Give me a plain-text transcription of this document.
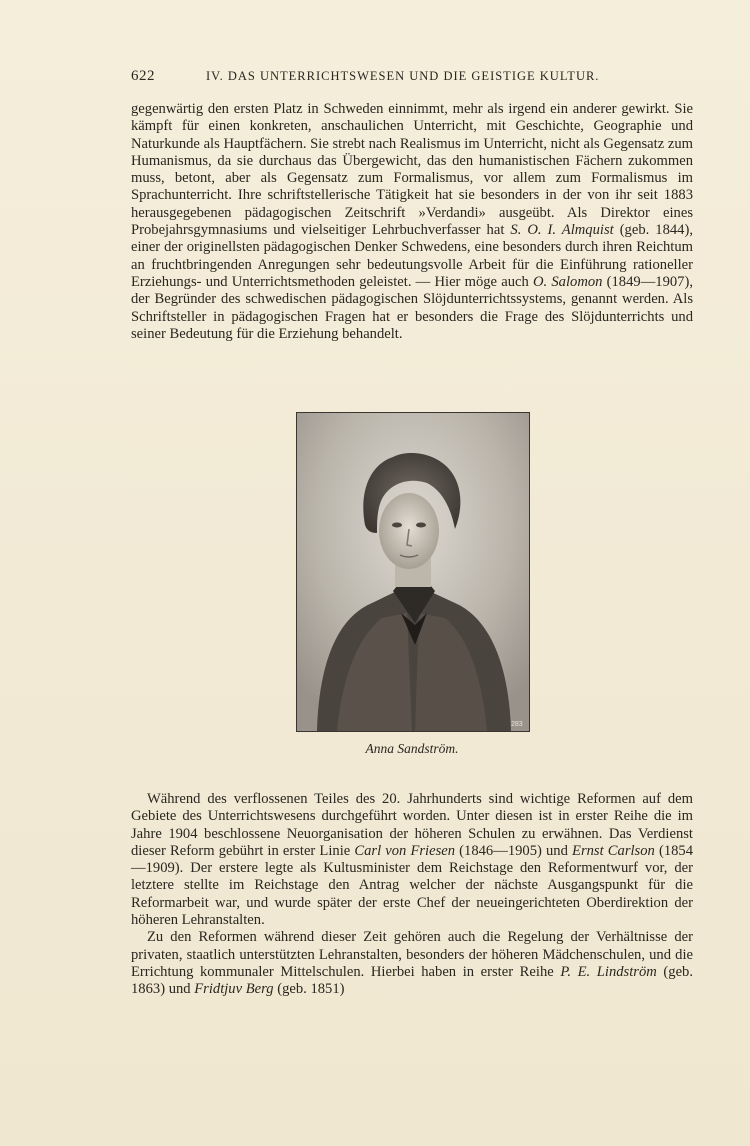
622	IV. DAS UNTERRICHTSWESEN UND DIE GEISTIGE KULTUR.

gegenwärtig den ersten Platz in Schweden einnimmt, mehr als irgend ein anderer gewirkt. Sie kämpft für einen konkreten, anschaulichen Unterricht, mit Geschichte, Geographie und Naturkunde als Hauptfächern. Sie strebt nach Realismus im Unterricht, nicht als Gegensatz zum Humanismus, da sie durchaus das Übergewicht, das den humanistischen Fächern zukommen muss, betont, aber als Gegensatz zum Formalismus, vor allem zum Formalismus im Sprachunterricht. Ihre schriftstellerische Tätigkeit hat sie besonders in der von ihr seit 1883 herausgegebenen pädagogischen Zeitschrift »Verdandi» ausgeübt. Als Direktor eines Probejahrsgymnasiums und vielseitiger Lehrbuchverfasser hat S. O. I. Almquist (geb. 1844), einer der originellsten pädagogischen Denker Schwedens, eine besonders durch ihren Reichtum an fruchtbringenden Anregungen sehr bedeutungsvolle Arbeit für die Einführung rationeller Erziehungs- und Unterrichtsmethoden geleistet. — Hier möge auch O. Salomon (1849—1907), der Begründer des schwedischen pädagogischen Slöjdunterrichtssystems, genannt werden. Als Schriftsteller in pädagogischen Fragen hat er besonders die Frage des Slöjdunterrichts und seiner Bedeutung für die Erziehung behandelt.

283
Anna Sandström.

Während des verflossenen Teiles des 20. Jahrhunderts sind wichtige Reformen auf dem Gebiete des Unterrichtswesens durchgeführt worden. Unter diesen ist in erster Reihe die im Jahre 1904 beschlossene Neuorganisation der höheren Schulen zu erwähnen. Das Verdienst dieser Reform gebührt in erster Linie Carl von Friesen (1846—1905) und Ernst Carlson (1854—1909). Der erstere legte als Kultusminister dem Reichstage den Reformentwurf vor, der letztere stellte im Reichstage den Antrag welcher der nächste Ausgangspunkt für die Reformarbeit war, und wurde später der erste Chef der neueingerichteten Oberdirektion der höheren Lehranstalten.

Zu den Reformen während dieser Zeit gehören auch die Regelung der Verhältnisse der privaten, staatlich unterstützten Lehranstalten, besonders der höheren Mädchenschulen, und die Errichtung kommunaler Mittelschulen. Hierbei haben in erster Reihe P. E. Lindström (geb. 1863) und Fridtjuv Berg (geb. 1851)
